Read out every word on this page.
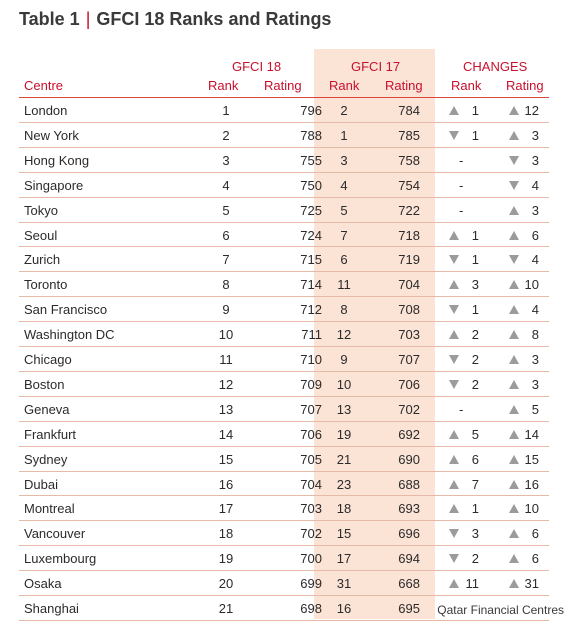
Table 1 | GFCI 18 Ranks and Ratings
GFCI 18	GFCI 17	CHANGES
Centre	Rank Rating Rank Rating Rank Rating
London	1	796	2	784	1	12
New York	2	788	1	785	1	3
Hong Kong	3	755	3	758	-	3
Singapore	4	750	4	754	-	4
Tokyo	5	725	5	722	-	3
Seoul	6	724	7	718	1	6
Zurich	7	715	6	719	1	4
Toronto	8	714	11	704	3	10
San Francisco	9	712	8	708	1	4
Washington DC	10	711	12	703	2	8
Chicago	11	710	9	707	2	3
Boston	12	709	10	706	2	3
Geneva	13	707	13	702	-	5
Frankfurt	14	706	19	692	5	14
Sydney	15	705	21	690	6	15
Dubai	16	704	23	688	7	16
Montreal	17	703	18	693	1	10
Vancouver	18	702	15	696	3	6
Luxembourg	19	700	17	694	2	6
Osaka	20	699	31	668	11	31
Shanghai	21	698	16	695 Qatar Financial Centres
